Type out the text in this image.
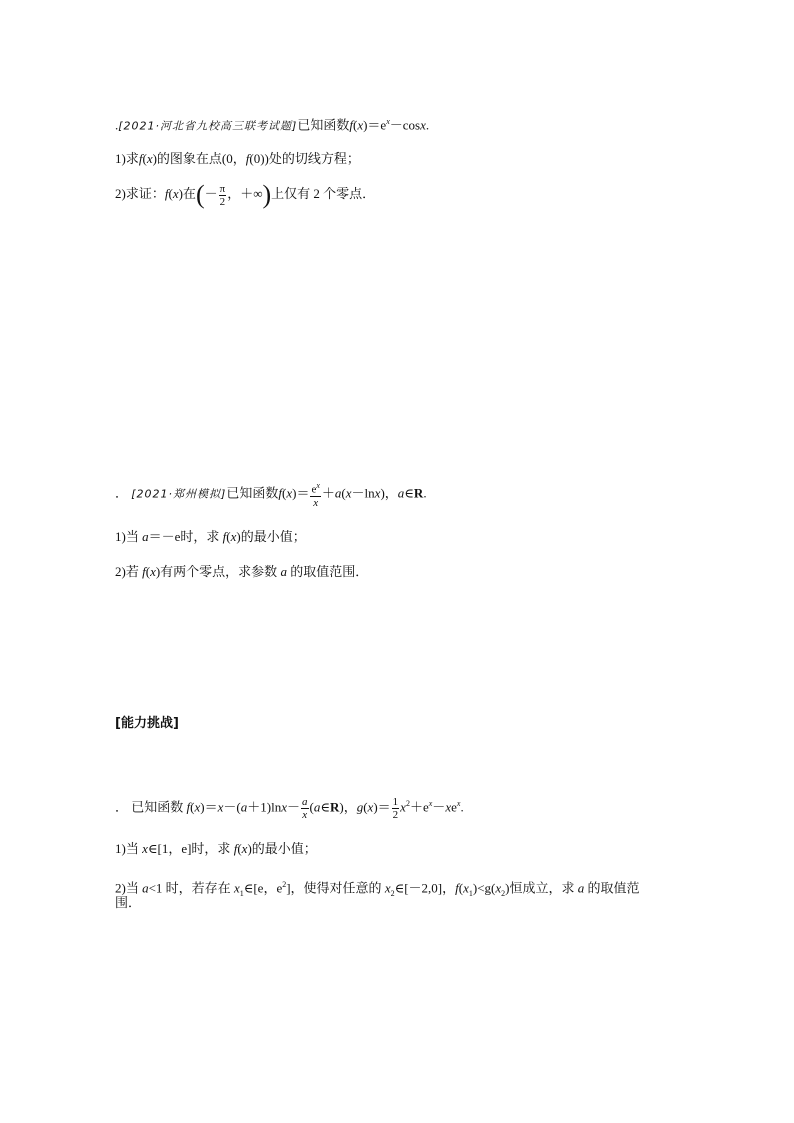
.[2021·河北省九校高三联考试题]已知函数$f(x)=e^x-\cos x$.
1)求f(x)的图象在点(0，f(0))处的切线方程；
2)求证：f(x)在(－ $\frac{\pi}{2}$ ，＋∞)上仅有 2 个零点．
． [2021·郑州模拟]已知函数$f(x)= \frac{e^x}{x} +a(x-\ln x)$，a∈R.
1)当 a＝－e时，求 f(x)的最小值；
2)若 f(x)有两个零点，求参数 a 的取值范围．
[能力挑战]
． 已知函数 $f(x)=x-(a+1)\ln x- \frac{a}{x}$ (a∈R)，$g(x)= \frac{1}{2} x^2+e^x-xe^x$.
1)当 x∈[1，e]时，求 f(x)的最小值；
2)当 a<1 时，若存在 $x_1\in[e$，$e^2$]，使得对任意的 $x_2\in[-2,0]$，$f(x_1)<g(x_2)$恒成立，求 a 的取值范
围．
